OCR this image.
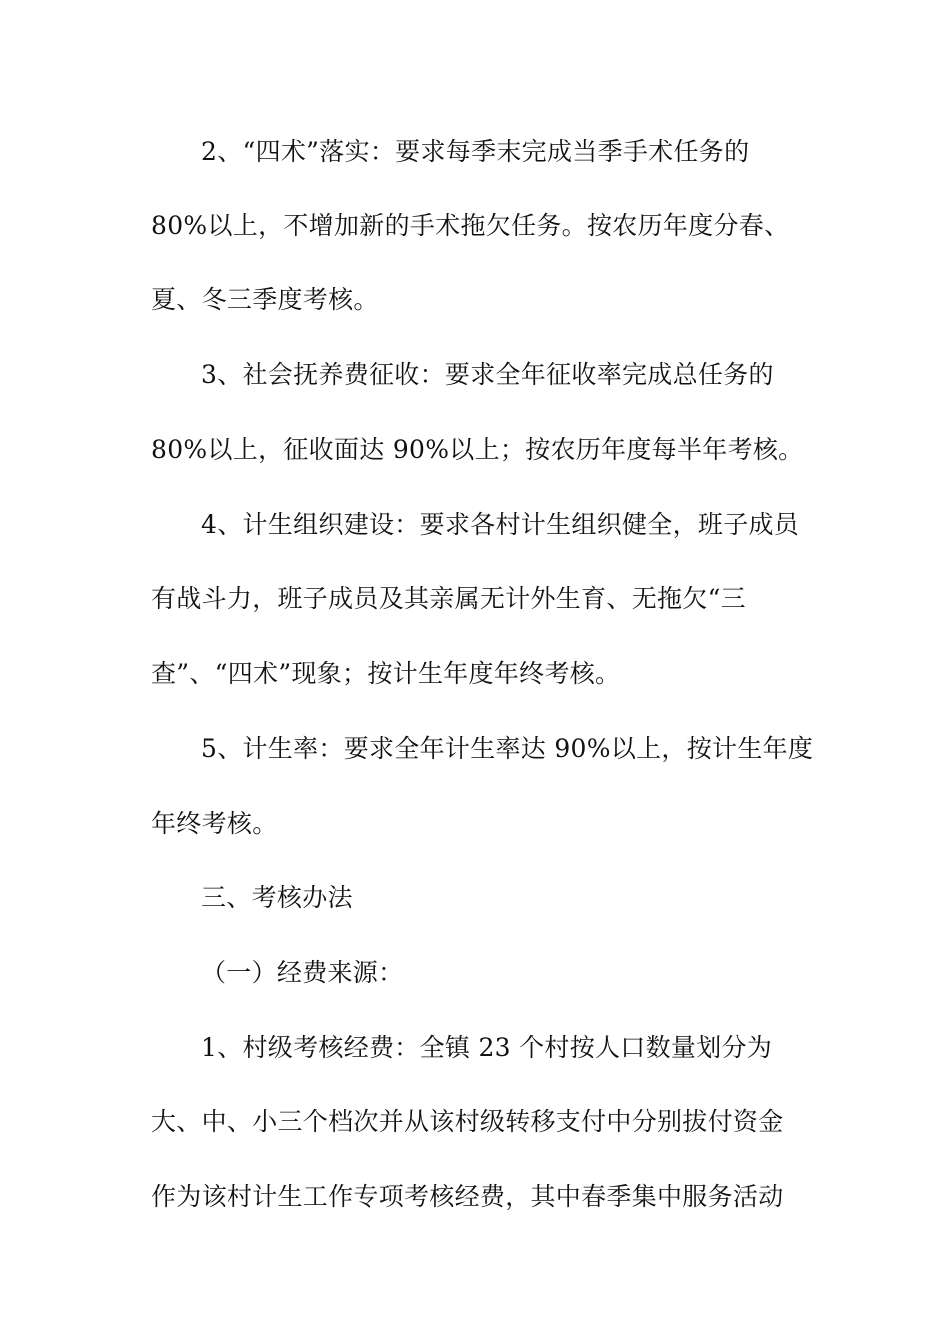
2、“四术”落实：要求每季末完成当季手术任务的
80%以上，不增加新的手术拖欠任务。按农历年度分春、
夏、冬三季度考核。
3、社会抚养费征收：要求全年征收率完成总任务的
80%以上，征收面达 90%以上；按农历年度每半年考核。
4、计生组织建设：要求各村计生组织健全，班子成员
有战斗力，班子成员及其亲属无计外生育、无拖欠“三
查”、“四术”现象；按计生年度年终考核。
5、计生率：要求全年计生率达 90%以上，按计生年度
年终考核。
三、考核办法
（一）经费来源：
1、村级考核经费：全镇 23 个村按人口数量划分为
大、中、小三个档次并从该村级转移支付中分别拔付资金
作为该村计生工作专项考核经费，其中春季集中服务活动
